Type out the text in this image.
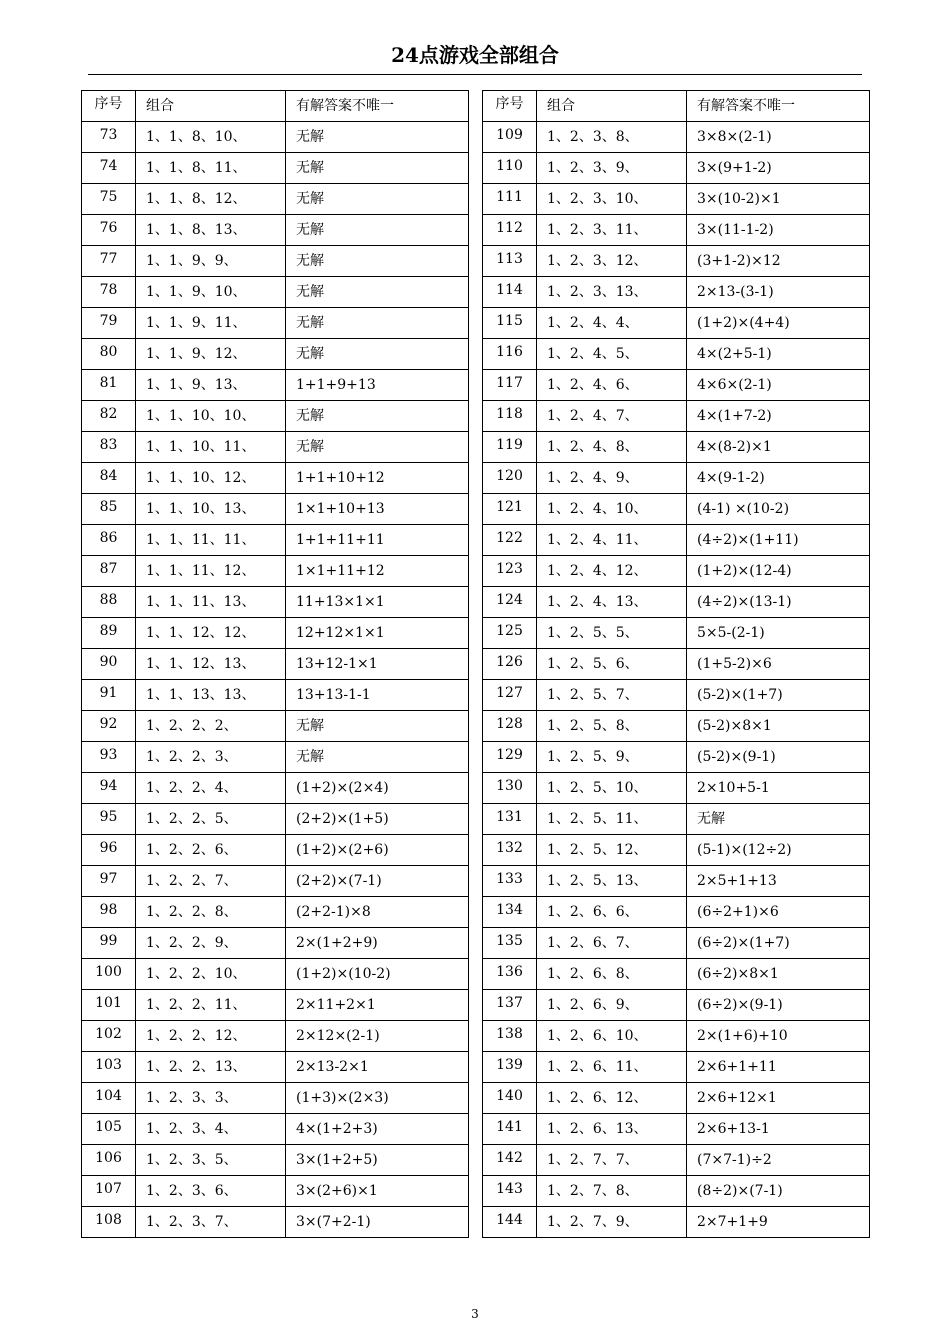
24点游戏全部组合
序号	组合	有解答案不唯一
73	1、1、8、10、	无解
74	1、1、8、11、	无解
75	1、1、8、12、	无解
76	1、1、8、13、	无解
77	1、1、9、9、	无解
78	1、1、9、10、	无解
79	1、1、9、11、	无解
80	1、1、9、12、	无解
81	1、1、9、13、	1+1+9+13
82	1、1、10、10、	无解
83	1、1、10、11、	无解
84	1、1、10、12、	1+1+10+12
85	1、1、10、13、	1×1+10+13
86	1、1、11、11、	1+1+11+11
87	1、1、11、12、	1×1+11+12
88	1、1、11、13、	11+13×1×1
89	1、1、12、12、	12+12×1×1
90	1、1、12、13、	13+12-1×1
91	1、1、13、13、	13+13-1-1
92	1、2、2、2、	无解
93	1、2、2、3、	无解
94	1、2、2、4、	(1+2)×(2×4)
95	1、2、2、5、	(2+2)×(1+5)
96	1、2、2、6、	(1+2)×(2+6)
97	1、2、2、7、	(2+2)×(7-1)
98	1、2、2、8、	(2+2-1)×8
99	1、2、2、9、	2×(1+2+9)
100	1、2、2、10、	(1+2)×(10-2)
101	1、2、2、11、	2×11+2×1
102	1、2、2、12、	2×12×(2-1)
103	1、2、2、13、	2×13-2×1
104	1、2、3、3、	(1+3)×(2×3)
105	1、2、3、4、	4×(1+2+3)
106	1、2、3、5、	3×(1+2+5)
107	1、2、3、6、	3×(2+6)×1
108	1、2、3、7、	3×(7+2-1)
序号	组合	有解答案不唯一
109	1、2、3、8、	3×8×(2-1)
110	1、2、3、9、	3×(9+1-2)
111	1、2、3、10、	3×(10-2)×1
112	1、2、3、11、	3×(11-1-2)
113	1、2、3、12、	(3+1-2)×12
114	1、2、3、13、	2×13-(3-1)
115	1、2、4、4、	(1+2)×(4+4)
116	1、2、4、5、	4×(2+5-1)
117	1、2、4、6、	4×6×(2-1)
118	1、2、4、7、	4×(1+7-2)
119	1、2、4、8、	4×(8-2)×1
120	1、2、4、9、	4×(9-1-2)
121	1、2、4、10、	(4-1) ×(10-2)
122	1、2、4、11、	(4÷2)×(1+11)
123	1、2、4、12、	(1+2)×(12-4)
124	1、2、4、13、	(4÷2)×(13-1)
125	1、2、5、5、	5×5-(2-1)
126	1、2、5、6、	(1+5-2)×6
127	1、2、5、7、	(5-2)×(1+7)
128	1、2、5、8、	(5-2)×8×1
129	1、2、5、9、	(5-2)×(9-1)
130	1、2、5、10、	2×10+5-1
131	1、2、5、11、	无解
132	1、2、5、12、	(5-1)×(12÷2)
133	1、2、5、13、	2×5+1+13
134	1、2、6、6、	(6÷2+1)×6
135	1、2、6、7、	(6÷2)×(1+7)
136	1、2、6、8、	(6÷2)×8×1
137	1、2、6、9、	(6÷2)×(9-1)
138	1、2、6、10、	2×(1+6)+10
139	1、2、6、11、	2×6+1+11
140	1、2、6、12、	2×6+12×1
141	1、2、6、13、	2×6+13-1
142	1、2、7、7、	(7×7-1)÷2
143	1、2、7、8、	(8÷2)×(7-1)
144	1、2、7、9、	2×7+1+9
3
